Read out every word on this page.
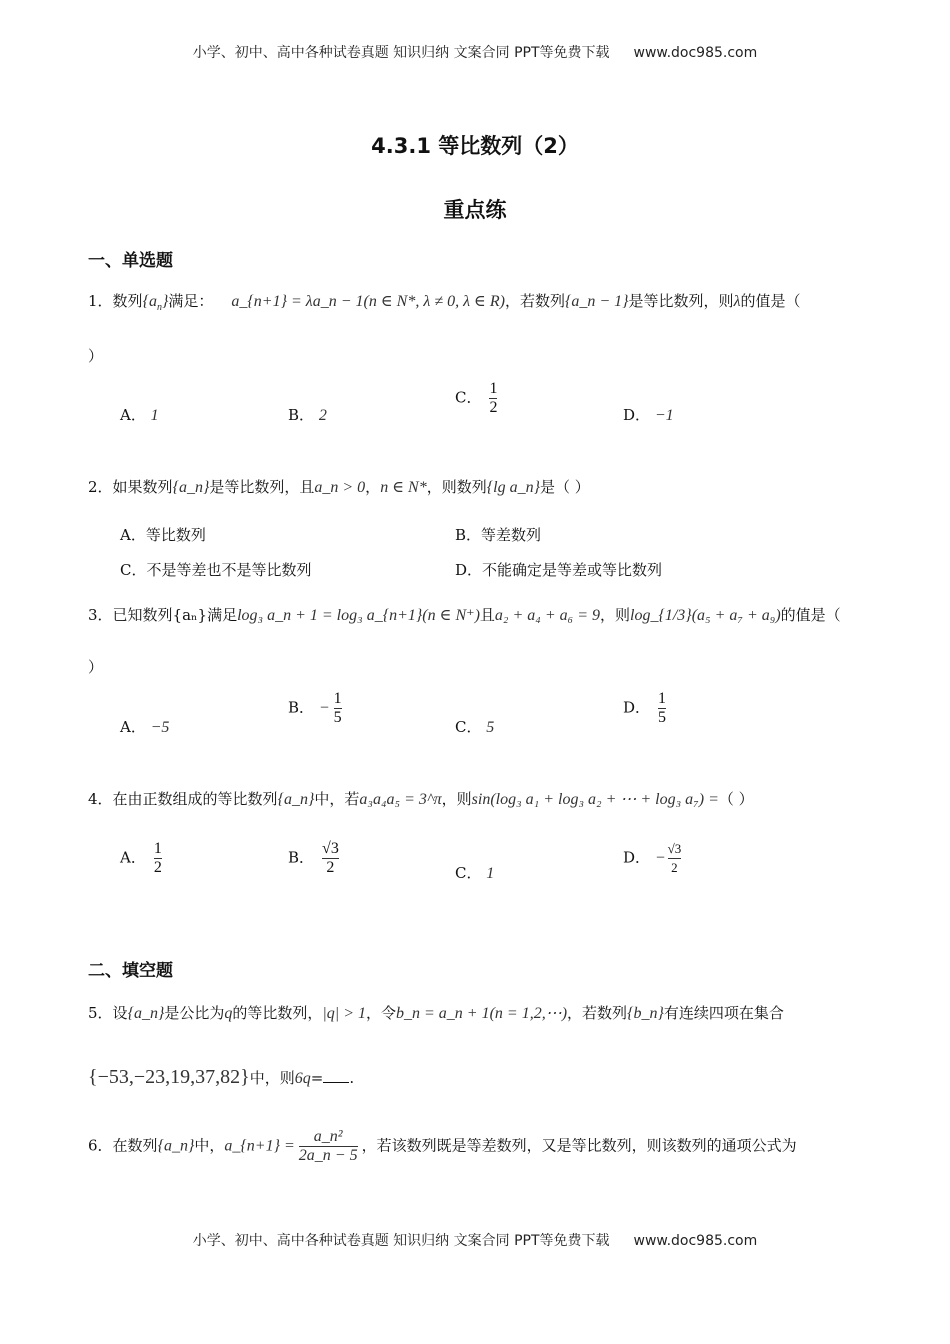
小学、初中、高中各种试卷真题 知识归纳 文案合同 PPT等免费下载 www.doc985.com
4.3.1 等比数列（2）
重点练
一、单选题
1．数列$\{a_n\}$满足： a_{n+1} = λa_n − 1(n ∈ N*, λ ≠ 0, λ ∈ R)，若数列{a_n − 1}是等比数列，则λ的值是（
）
A． 1	B． 2
C． $\frac{1}{2}$	D． −1
2．如果数列{a_n}是等比数列，且a_n > 0，n ∈ N*，则数列{lg a_n}是（ ）
A．等比数列	B．等差数列
C．不是等差也不是等比数列	D．不能确定是等差或等比数列
3．已知数列{aₙ}满足log₃ a_n + 1 = log₃ a_{n+1}(n ∈ N⁺)且a₂ + a₄ + a₆ = 9，则log_{1/3}(a₅ + a₇ + a₉)的值是（
）
A． −5
B． − $\frac{1}{5}$	C． 5
D． $\frac{1}{5}$
4．在由正数组成的等比数列{a_n}中，若a₃a₄a₅ = 3^π，则sin(log₃ a₁ + log₃ a₂ + ⋯ + log₃ a₇) =（ ）
A． $\frac{1}{2}$	B． $\frac{√3}{2}$	C． 1
D． − $\frac{√3}{2}$
二、填空题
5．设{a_n}是公比为q的等比数列，|q| > 1，令b_n = a_n + 1(n = 1,2,⋯)，若数列{b_n}有连续四项在集合
{−53,−23,19,37,82}中，则6q= .
6．在数列{a_n}中，a_{n+1} = $\frac{\text{a\_n²}}{2a\_n - 5}$ ，若该数列既是等差数列，又是等比数列，则该数列的通项公式为
小学、初中、高中各种试卷真题 知识归纳 文案合同 PPT等免费下载 www.doc985.com
